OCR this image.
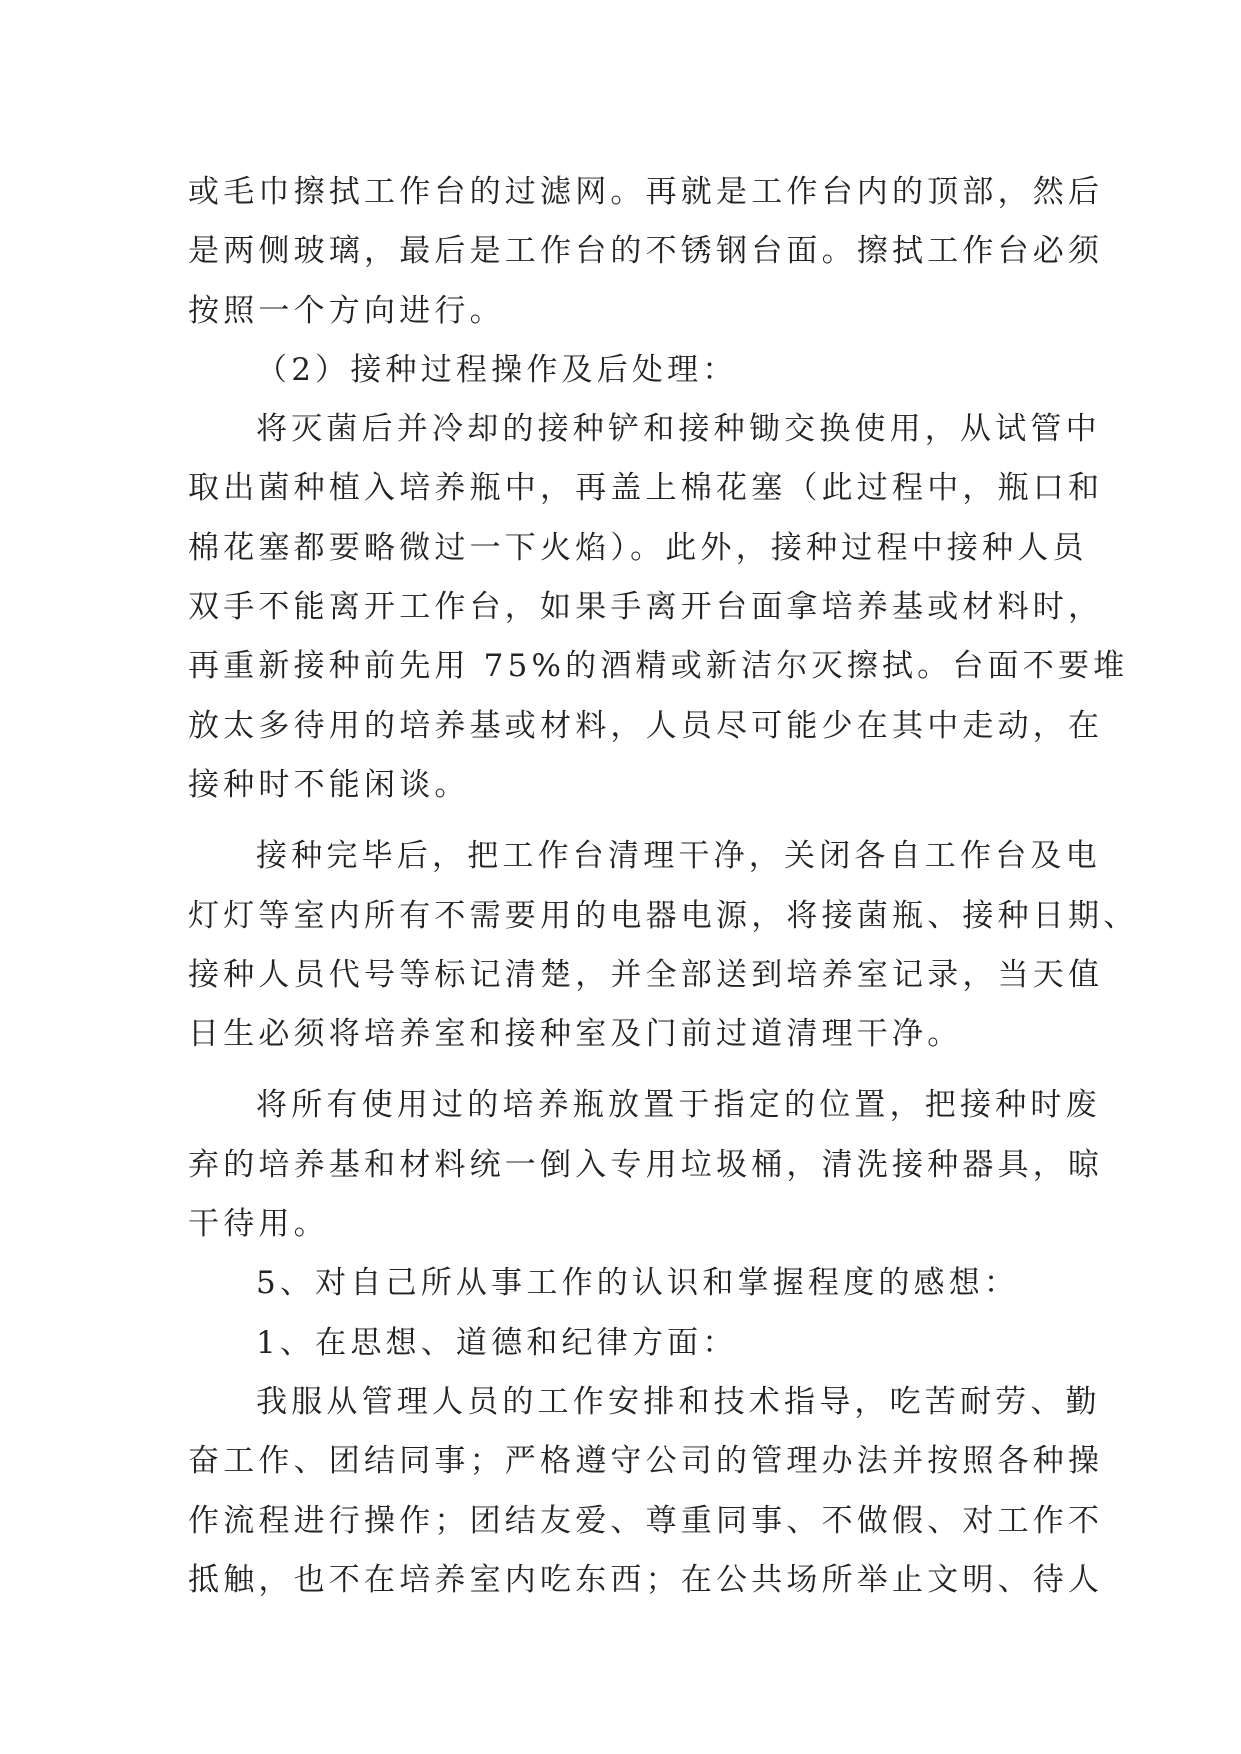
或毛巾擦拭工作台的过滤网。再就是工作台内的顶部，然后
是两侧玻璃，最后是工作台的不锈钢台面。擦拭工作台必须
按照一个方向进行。
（2）接种过程操作及后处理：
将灭菌后并冷却的接种铲和接种锄交换使用，从试管中
取出菌种植入培养瓶中，再盖上棉花塞（此过程中，瓶口和
棉花塞都要略微过一下火焰）。此外，接种过程中接种人员
双手不能离开工作台，如果手离开台面拿培养基或材料时，
再重新接种前先用 75%的酒精或新洁尔灭擦拭。台面不要堆
放太多待用的培养基或材料，人员尽可能少在其中走动，在
接种时不能闲谈。
接种完毕后，把工作台清理干净，关闭各自工作台及电
灯灯等室内所有不需要用的电器电源，将接菌瓶、接种日期、
接种人员代号等标记清楚，并全部送到培养室记录，当天值
日生必须将培养室和接种室及门前过道清理干净。
将所有使用过的培养瓶放置于指定的位置，把接种时废
弃的培养基和材料统一倒入专用垃圾桶，清洗接种器具，晾
干待用。
5、对自己所从事工作的认识和掌握程度的感想：
1、在思想、道德和纪律方面：
我服从管理人员的工作安排和技术指导，吃苦耐劳、勤
奋工作、团结同事；严格遵守公司的管理办法并按照各种操
作流程进行操作；团结友爱、尊重同事、不做假、对工作不
抵触，也不在培养室内吃东西；在公共场所举止文明、待人
